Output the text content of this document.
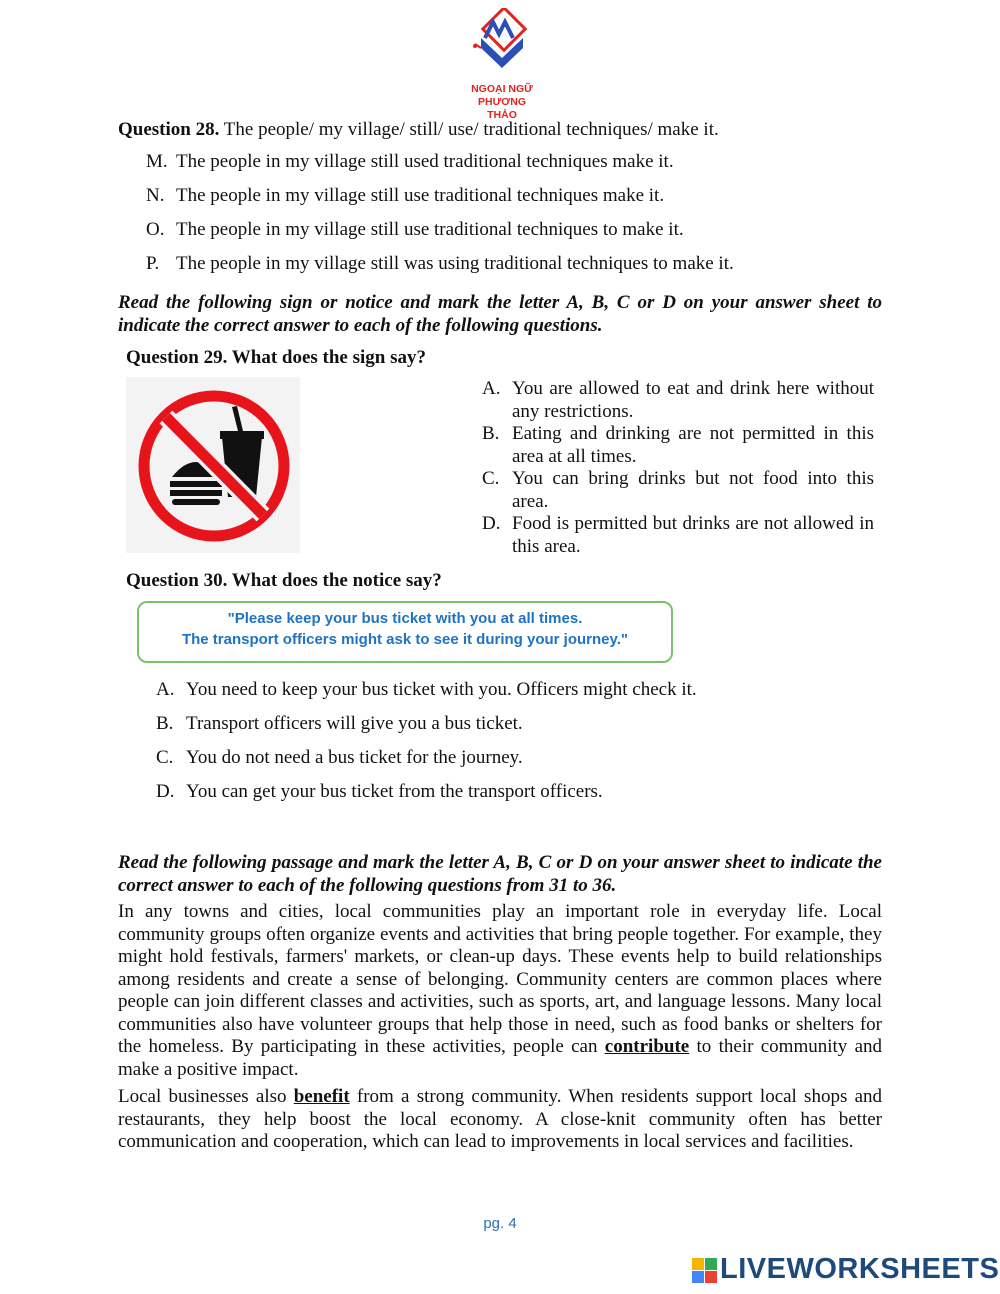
NGOẠI NGỮ
PHƯƠNG THẢO
Question 28. The people/ my village/ still/ use/ traditional techniques/ make it.
M. The people in my village still used traditional techniques make it.
N. The people in my village still use traditional techniques make it.
O. The people in my village still use traditional techniques to make it.
P. The people in my village still was using traditional techniques to make it.
Read the following sign or notice and mark the letter A, B, C or D on your answer sheet to indicate the correct answer to each of the following questions.
Question 29. What does the sign say?
A. You are allowed to eat and drink here without any restrictions.
B. Eating and drinking are not permitted in this area at all times.
C. You can bring drinks but not food into this area.
D. Food is permitted but drinks are not allowed in this area.
Question 30. What does the notice say?
"Please keep your bus ticket with you at all times.
The transport officers might ask to see it during your journey."
A. You need to keep your bus ticket with you. Officers might check it.
B. Transport officers will give you a bus ticket.
C. You do not need a bus ticket for the journey.
D. You can get your bus ticket from the transport officers.
Read the following passage and mark the letter A, B, C or D on your answer sheet to indicate the correct answer to each of the following questions from 31 to 36.
In any towns and cities, local communities play an important role in everyday life. Local community groups often organize events and activities that bring people together. For example, they might hold festivals, farmers' markets, or clean-up days. These events help to build relationships among residents and create a sense of belonging. Community centers are common places where people can join different classes and activities, such as sports, art, and language lessons. Many local communities also have volunteer groups that help those in need, such as food banks or shelters for the homeless. By participating in these activities, people can contribute to their community and make a positive impact.
Local businesses also benefit from a strong community. When residents support local shops and restaurants, they help boost the local economy. A close-knit community often has better communication and cooperation, which can lead to improvements in local services and facilities.
pg. 4
LIVEWORKSHEETS
